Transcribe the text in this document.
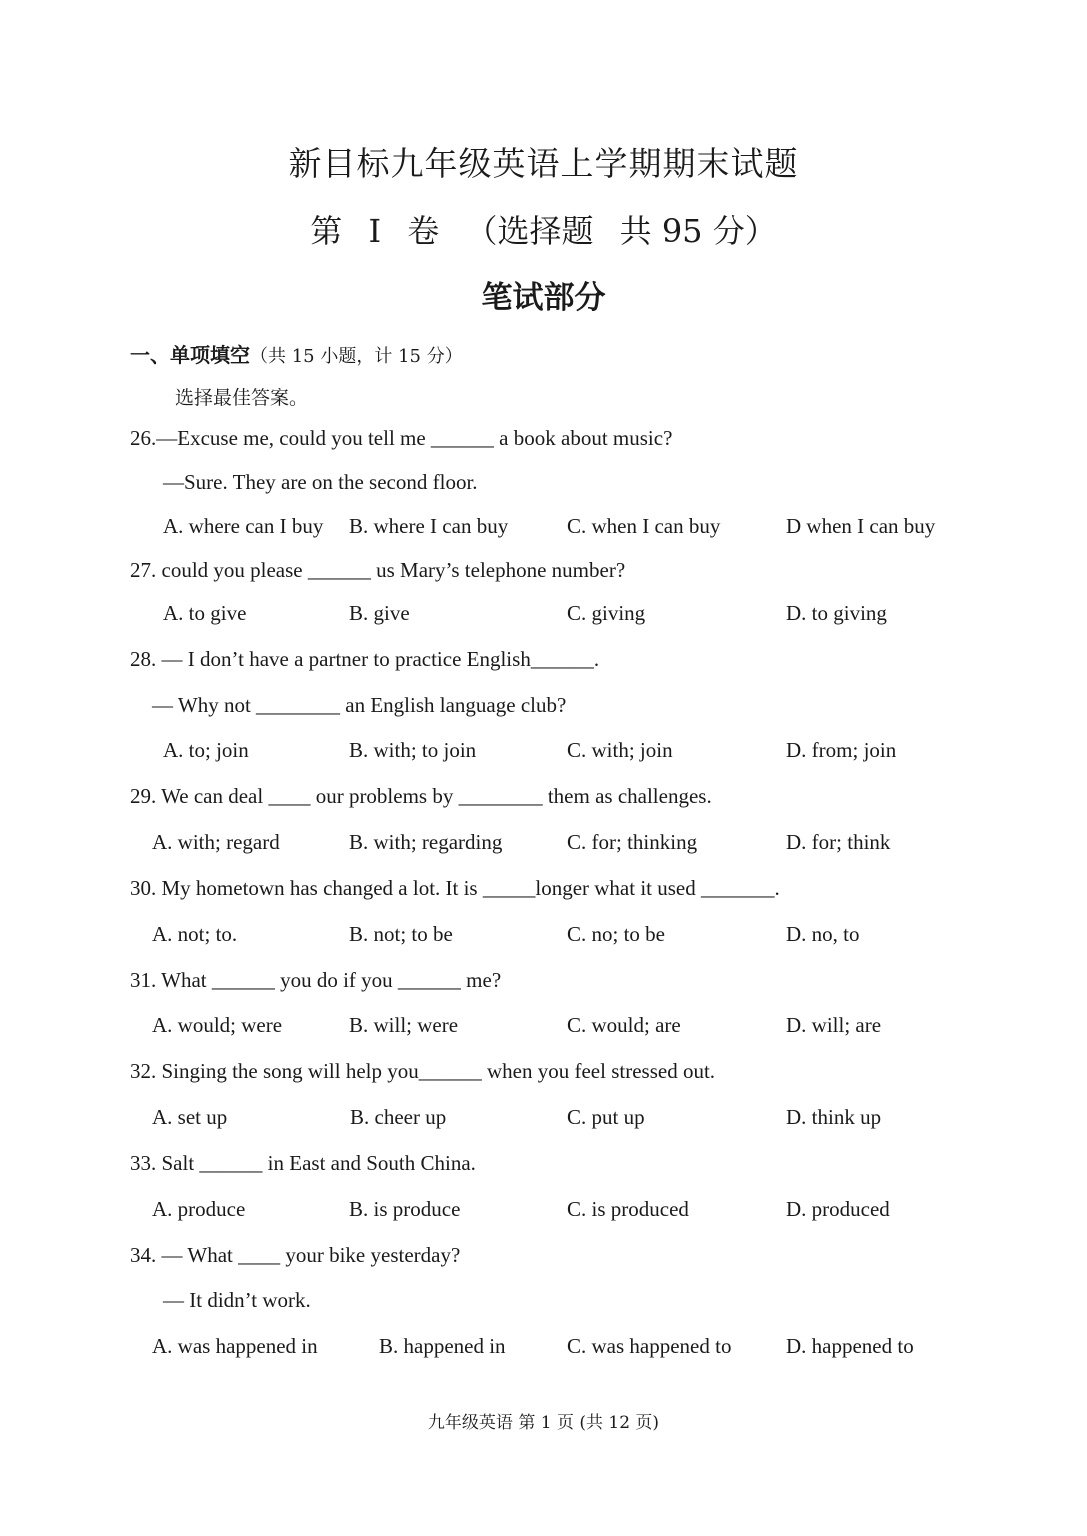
新目标九年级英语上学期期末试题
第 I 卷 （选择题 共 95 分）
笔试部分
一、单项填空（共 15 小题，计 15 分）
选择最佳答案。
26.—Excuse me, could you tell me ______ a book about music?
—Sure. They are on the second floor.
A. where can I buy B. where I can buy	C. when I can buy	D when I can buy
27. could you please ______ us Mary’s telephone number?
A. to give	B. give	C. giving	D. to giving
28. — I don’t have a partner to practice English______.
— Why not ________ an English language club?
A. to; join	B. with; to join	C. with; join	D. from; join
29. We can deal ____ our problems by ________ them as challenges.
A. with; regard	B. with; regarding	C. for; thinking	D. for; think
30. My hometown has changed a lot. It is _____longer what it used _______.
A. not; to.	B. not; to be	C. no; to be	D. no, to
31. What ______ you do if you ______ me?
A. would; were	B. will; were	C. would; are	D. will; are
32. Singing the song will help you______ when you feel stressed out.
A. set up	B. cheer up	C. put up	D. think up
33. Salt ______ in East and South China.
A. produce	B. is produce	C. is produced	D. produced
34. — What ____ your bike yesterday?
— It didn’t work.
A. was happened in	B. happened in	C. was happened to	D. happened to
九年级英语 第 1 页 (共 12 页)
